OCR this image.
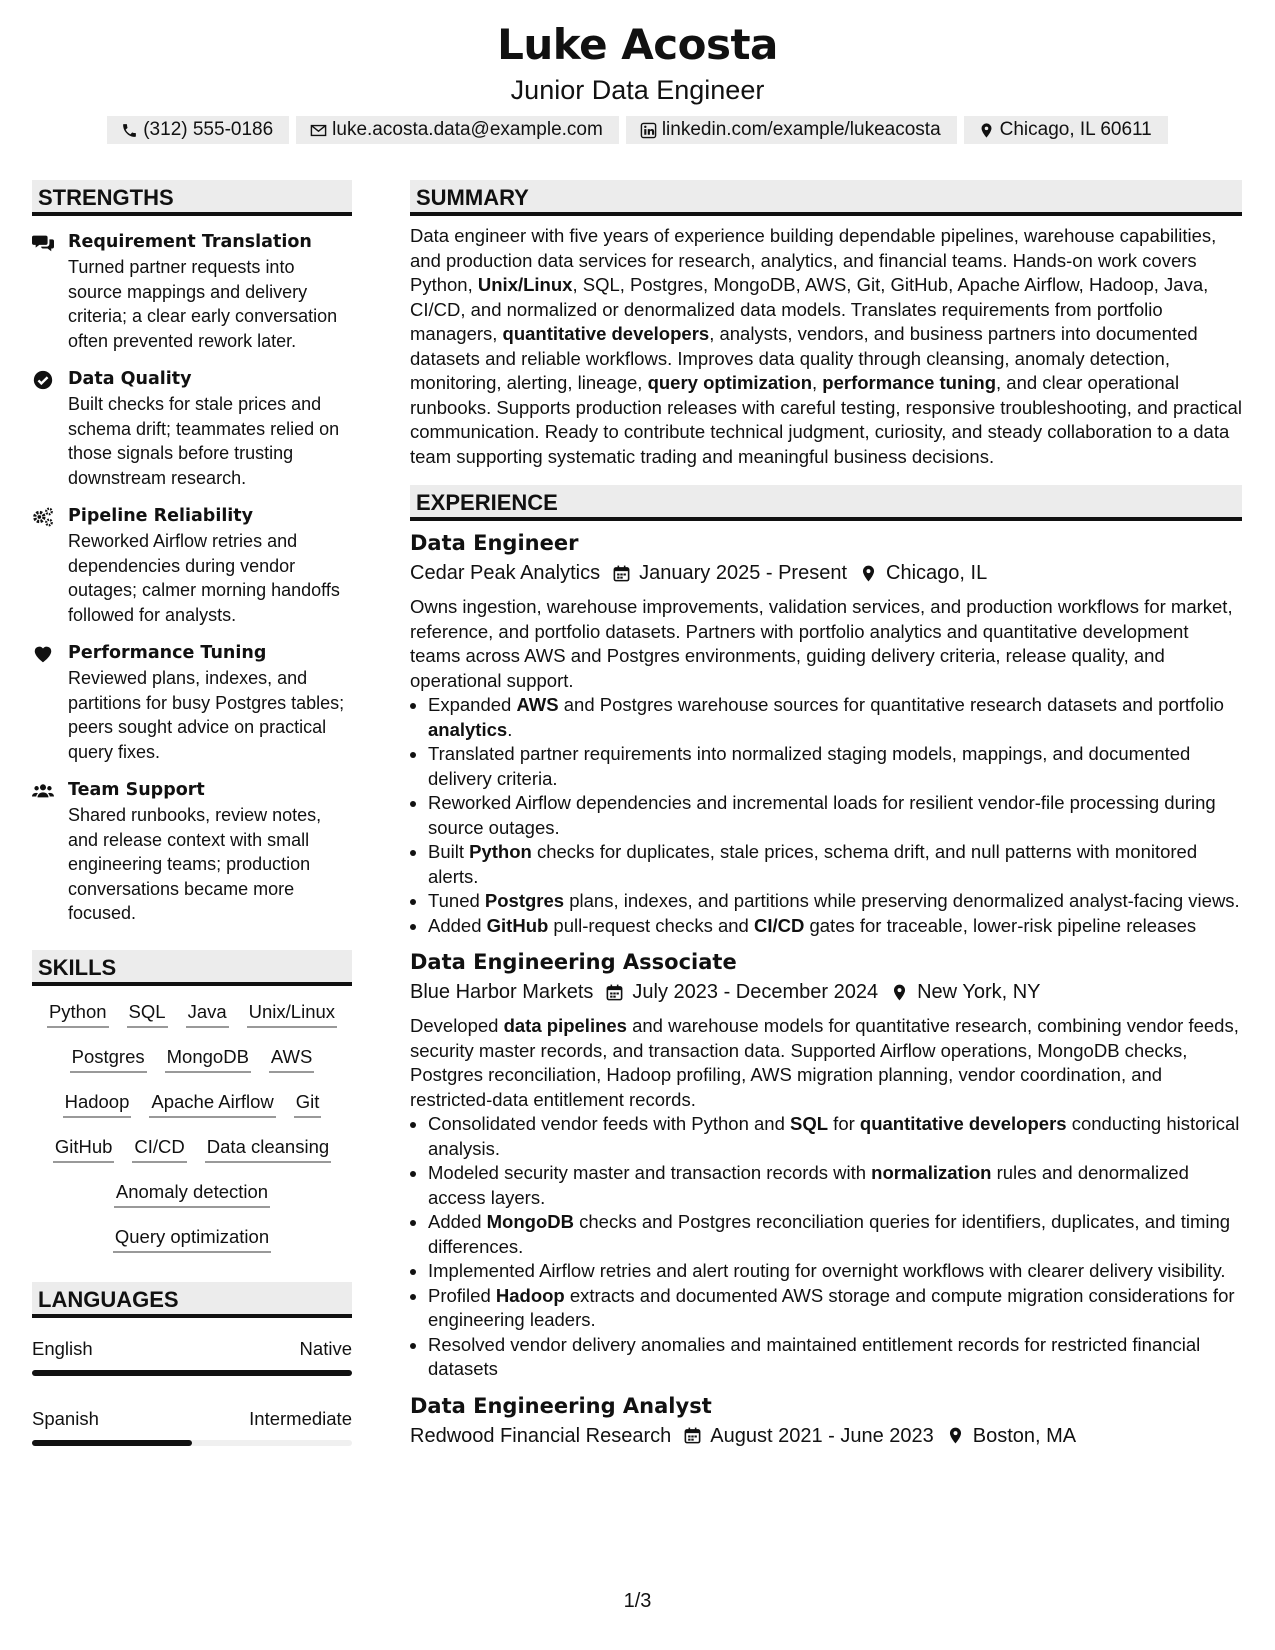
Luke Acosta
Junior Data Engineer
(312) 555-0186	luke.acosta.data@example.com	linkedin.com/example/lukeacosta	Chicago, IL 60611
STRENGTHS
Requirement Translation
Turned partner requests into source mappings and delivery criteria; a clear early conversation often prevented rework later.
Data Quality
Built checks for stale prices and schema drift; teammates relied on those signals before trusting downstream research.
Pipeline Reliability
Reworked Airflow retries and dependencies during vendor outages; calmer morning handoffs followed for analysts.
Performance Tuning
Reviewed plans, indexes, and partitions for busy Postgres tables; peers sought advice on practical query fixes.
Team Support
Shared runbooks, review notes, and release context with small engineering teams; production conversations became more focused.
SKILLS
Python SQL Java Unix/Linux
Postgres MongoDB AWS
Hadoop Apache Airflow Git
GitHub CI/CD Data cleansing
Anomaly detection
Query optimization
LANGUAGES
English	Native
Spanish	Intermediate
SUMMARY

Data engineer with five years of experience building dependable pipelines, warehouse capabilities, and production data services for research, analytics, and financial teams. Hands-on work covers Python, Unix/Linux, SQL, Postgres, MongoDB, AWS, Git, GitHub, Apache Airflow, Hadoop, Java, CI/CD, and normalized or denormalized data models. Translates requirements from portfolio managers, quantitative developers, analysts, vendors, and business partners into documented datasets and reliable workflows. Improves data quality through cleansing, anomaly detection, monitoring, alerting, lineage, query optimization, performance tuning, and clear operational runbooks. Supports production releases with careful testing, responsive troubleshooting, and practical communication. Ready to contribute technical judgment, curiosity, and steady collaboration to a data team supporting systematic trading and meaningful business decisions.

EXPERIENCE
Data Engineer
Cedar Peak Analytics January 2025 - Present Chicago, IL

Owns ingestion, warehouse improvements, validation services, and production workflows for market, reference, and portfolio datasets. Partners with portfolio analytics and quantitative development teams across AWS and Postgres environments, guiding delivery criteria, release quality, and operational support.

• Expanded AWS and Postgres warehouse sources for quantitative research datasets and portfolio analytics.
• Translated partner requirements into normalized staging models, mappings, and documented delivery criteria.
• Reworked Airflow dependencies and incremental loads for resilient vendor-file processing during source outages.
• Built Python checks for duplicates, stale prices, schema drift, and null patterns with monitored alerts.
• Tuned Postgres plans, indexes, and partitions while preserving denormalized analyst-facing views.
• Added GitHub pull-request checks and CI/CD gates for traceable, lower-risk pipeline releases
Data Engineering Associate
Blue Harbor Markets July 2023 - December 2024 New York, NY

Developed data pipelines and warehouse models for quantitative research, combining vendor feeds, security master records, and transaction data. Supported Airflow operations, MongoDB checks, Postgres reconciliation, Hadoop profiling, AWS migration planning, vendor coordination, and restricted-data entitlement records.

• Consolidated vendor feeds with Python and SQL for quantitative developers conducting historical analysis.
• Modeled security master and transaction records with normalization rules and denormalized access layers.
• Added MongoDB checks and Postgres reconciliation queries for identifiers, duplicates, and timing differences.
• Implemented Airflow retries and alert routing for overnight workflows with clearer delivery visibility.
• Profiled Hadoop extracts and documented AWS storage and compute migration considerations for engineering leaders.
• Resolved vendor delivery anomalies and maintained entitlement records for restricted financial datasets
Data Engineering Analyst
Redwood Financial Research August 2021 - June 2023 Boston, MA
1/3
